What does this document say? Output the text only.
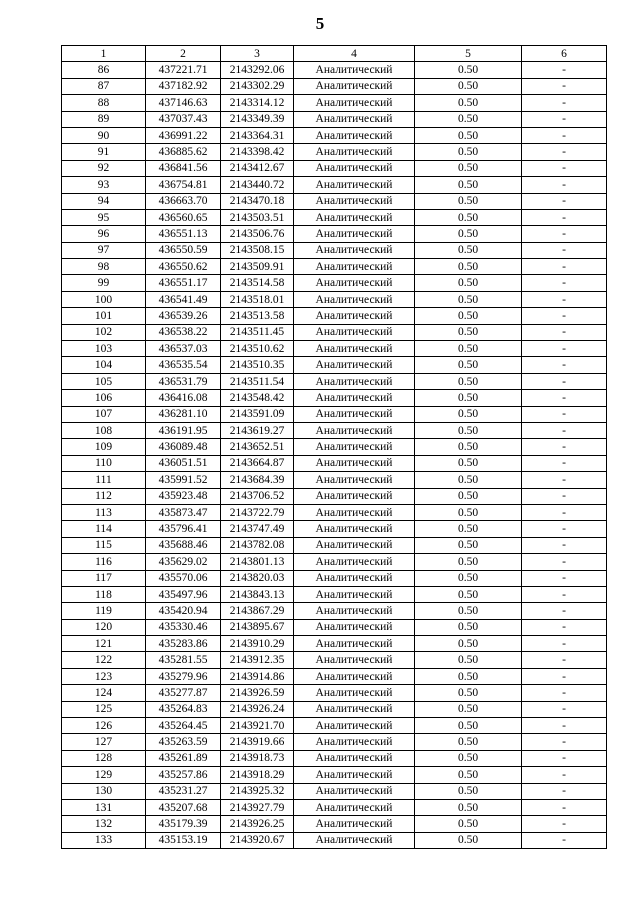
5
1	2	3	4	5	6
86	437221.71	2143292.06	Аналитический	0.50	-
87	437182.92	2143302.29	Аналитический	0.50	-
88	437146.63	2143314.12	Аналитический	0.50	-
89	437037.43	2143349.39	Аналитический	0.50	-
90	436991.22	2143364.31	Аналитический	0.50	-
91	436885.62	2143398.42	Аналитический	0.50	-
92	436841.56	2143412.67	Аналитический	0.50	-
93	436754.81	2143440.72	Аналитический	0.50	-
94	436663.70	2143470.18	Аналитический	0.50	-
95	436560.65	2143503.51	Аналитический	0.50	-
96	436551.13	2143506.76	Аналитический	0.50	-
97	436550.59	2143508.15	Аналитический	0.50	-
98	436550.62	2143509.91	Аналитический	0.50	-
99	436551.17	2143514.58	Аналитический	0.50	-
100	436541.49	2143518.01	Аналитический	0.50	-
101	436539.26	2143513.58	Аналитический	0.50	-
102	436538.22	2143511.45	Аналитический	0.50	-
103	436537.03	2143510.62	Аналитический	0.50	-
104	436535.54	2143510.35	Аналитический	0.50	-
105	436531.79	2143511.54	Аналитический	0.50	-
106	436416.08	2143548.42	Аналитический	0.50	-
107	436281.10	2143591.09	Аналитический	0.50	-
108	436191.95	2143619.27	Аналитический	0.50	-
109	436089.48	2143652.51	Аналитический	0.50	-
110	436051.51	2143664.87	Аналитический	0.50	-
111	435991.52	2143684.39	Аналитический	0.50	-
112	435923.48	2143706.52	Аналитический	0.50	-
113	435873.47	2143722.79	Аналитический	0.50	-
114	435796.41	2143747.49	Аналитический	0.50	-
115	435688.46	2143782.08	Аналитический	0.50	-
116	435629.02	2143801.13	Аналитический	0.50	-
117	435570.06	2143820.03	Аналитический	0.50	-
118	435497.96	2143843.13	Аналитический	0.50	-
119	435420.94	2143867.29	Аналитический	0.50	-
120	435330.46	2143895.67	Аналитический	0.50	-
121	435283.86	2143910.29	Аналитический	0.50	-
122	435281.55	2143912.35	Аналитический	0.50	-
123	435279.96	2143914.86	Аналитический	0.50	-
124	435277.87	2143926.59	Аналитический	0.50	-
125	435264.83	2143926.24	Аналитический	0.50	-
126	435264.45	2143921.70	Аналитический	0.50	-
127	435263.59	2143919.66	Аналитический	0.50	-
128	435261.89	2143918.73	Аналитический	0.50	-
129	435257.86	2143918.29	Аналитический	0.50	-
130	435231.27	2143925.32	Аналитический	0.50	-
131	435207.68	2143927.79	Аналитический	0.50	-
132	435179.39	2143926.25	Аналитический	0.50	-
133	435153.19	2143920.67	Аналитический	0.50	-
